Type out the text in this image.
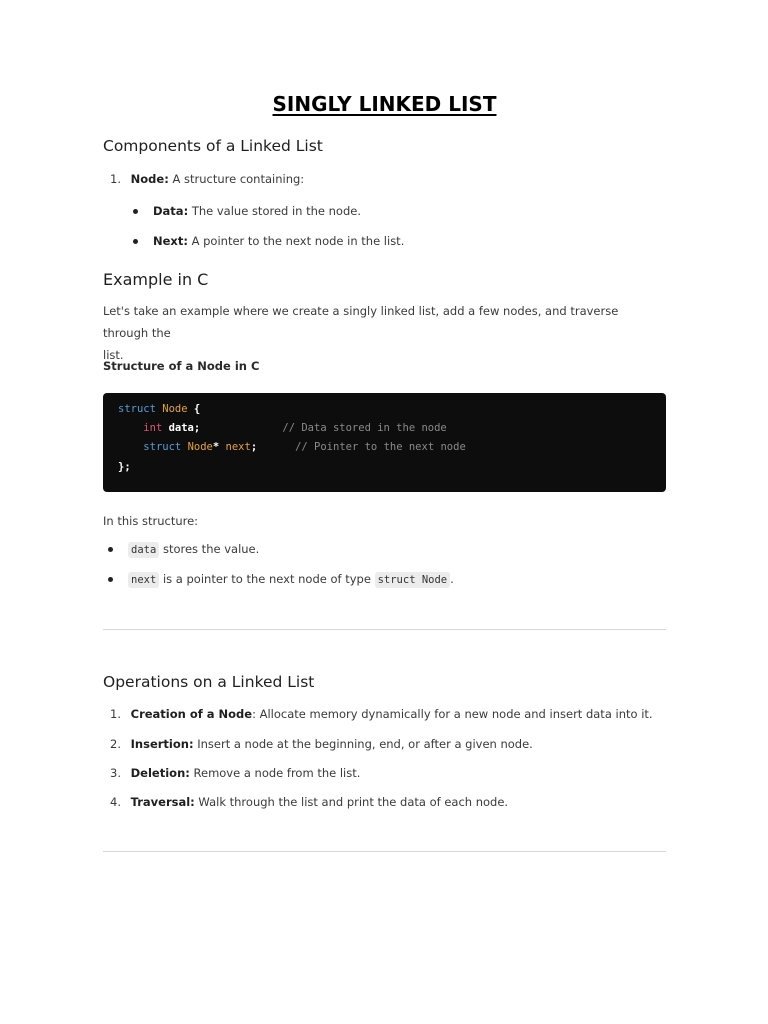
SINGLY LINKED LIST
Components of a Linked List
1. Node: A structure containing:
Data: The value stored in the node.
Next: A pointer to the next node in the list.
Example in C
Let's take an example where we create a singly linked list, add a few nodes, and traverse through the
list.
Structure of a Node in C
struct Node {
int data;	// Data stored in the node
struct Node* next;	// Pointer to the next node
};
In this structure:
data stores the value.
next is a pointer to the next node of type struct Node .
Operations on a Linked List
1. Creation of a Node: Allocate memory dynamically for a new node and insert data into it.
2. Insertion: Insert a node at the beginning, end, or after a given node.
3. Deletion: Remove a node from the list.
4. Traversal: Walk through the list and print the data of each node.
